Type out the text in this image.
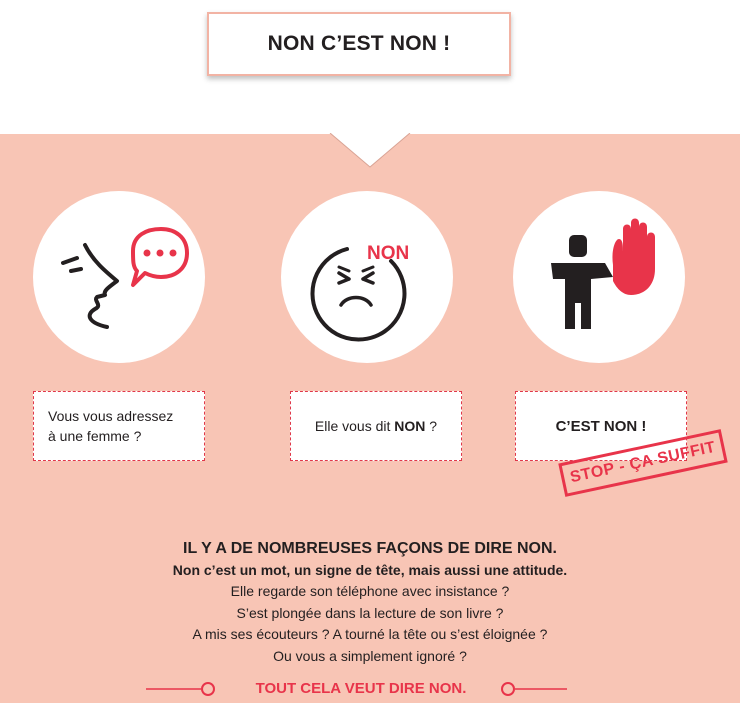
NON C’EST NON !
NON
Vous vous adressez
à une femme ?
Elle vous dit NON ?	C’EST NON !
STOP - ÇA SUFFIT
IL Y A DE NOMBREUSES FAÇONS DE DIRE NON.
Non c’est un mot, un signe de tête, mais aussi une attitude.
Elle regarde son téléphone avec insistance ?
S’est plongée dans la lecture de son livre ?
A mis ses écouteurs ? A tourné la tête ou s’est éloignée ?
Ou vous a simplement ignoré ?
TOUT CELA VEUT DIRE NON.
